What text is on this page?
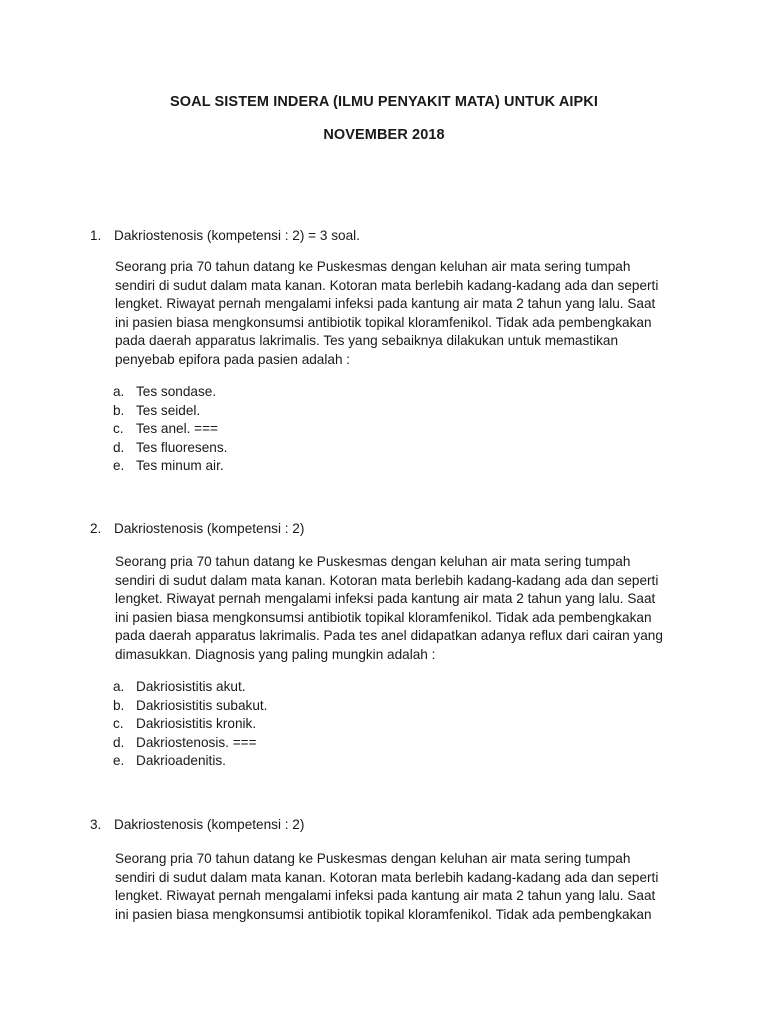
SOAL SISTEM INDERA (ILMU PENYAKIT MATA) UNTUK AIPKI
NOVEMBER 2018
1. Dakriostenosis (kompetensi : 2) = 3 soal.
Seorang pria 70 tahun datang ke Puskesmas dengan keluhan air mata sering tumpah
sendiri di sudut dalam mata kanan. Kotoran mata berlebih kadang-kadang ada dan seperti
lengket. Riwayat pernah mengalami infeksi pada kantung air mata 2 tahun yang lalu. Saat
ini pasien biasa mengkonsumsi antibiotik topikal kloramfenikol. Tidak ada pembengkakan
pada daerah apparatus lakrimalis. Tes yang sebaiknya dilakukan untuk memastikan
penyebab epifora pada pasien adalah :
a. Tes sondase.
b. Tes seidel.
c. Tes anel. ===
d. Tes fluoresens.
e. Tes minum air.
2. Dakriostenosis (kompetensi : 2)
Seorang pria 70 tahun datang ke Puskesmas dengan keluhan air mata sering tumpah
sendiri di sudut dalam mata kanan. Kotoran mata berlebih kadang-kadang ada dan seperti
lengket. Riwayat pernah mengalami infeksi pada kantung air mata 2 tahun yang lalu. Saat
ini pasien biasa mengkonsumsi antibiotik topikal kloramfenikol. Tidak ada pembengkakan
pada daerah apparatus lakrimalis. Pada tes anel didapatkan adanya reflux dari cairan yang
dimasukkan. Diagnosis yang paling mungkin adalah :
a. Dakriosistitis akut.
b. Dakriosistitis subakut.
c. Dakriosistitis kronik.
d. Dakriostenosis. ===
e. Dakrioadenitis.
3. Dakriostenosis (kompetensi : 2)
Seorang pria 70 tahun datang ke Puskesmas dengan keluhan air mata sering tumpah
sendiri di sudut dalam mata kanan. Kotoran mata berlebih kadang-kadang ada dan seperti
lengket. Riwayat pernah mengalami infeksi pada kantung air mata 2 tahun yang lalu. Saat
ini pasien biasa mengkonsumsi antibiotik topikal kloramfenikol. Tidak ada pembengkakan
